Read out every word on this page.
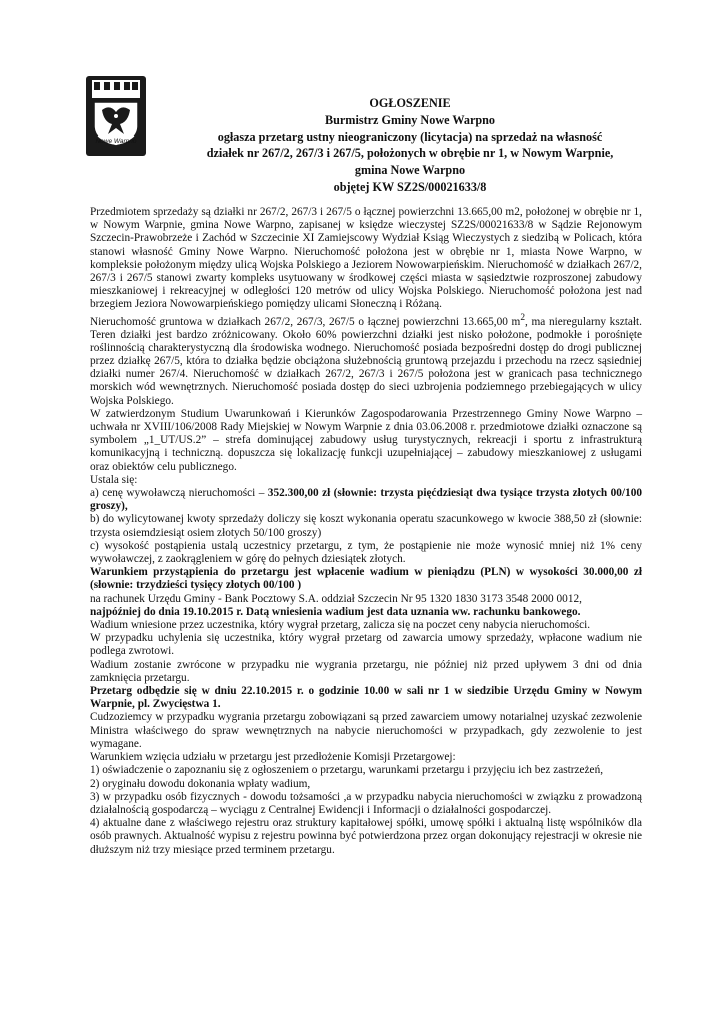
Nowe Warpno
OGŁOSZENIE
Burmistrz Gminy Nowe Warpno
ogłasza przetarg ustny nieograniczony (licytacja) na sprzedaż na własność
działek nr 267/2, 267/3 i 267/5, położonych w obrębie nr 1, w Nowym Warpnie,
gmina Nowe Warpno
objętej KW SZ2S/00021633/8

Przedmiotem sprzedaży są działki nr 267/2, 267/3 i 267/5 o łącznej powierzchni 13.665,00 m2, położonej w obrębie nr 1, w Nowym Warpnie, gmina Nowe Warpno, zapisanej w księdze wieczystej SZ2S/00021633/8 w Sądzie Rejonowym Szczecin-Prawobrzeże i Zachód w Szczecinie XI Zamiejscowy Wydział Ksiąg Wieczystych z siedzibą w Policach, która stanowi własność Gminy Nowe Warpno. Nieruchomość położona jest w obrębie nr 1, miasta Nowe Warpno, w kompleksie położonym między ulicą Wojska Polskiego a Jeziorem Nowowarpieńskim. Nieruchomość w działkach 267/2, 267/3 i 267/5 stanowi zwarty kompleks usytuowany w środkowej części miasta w sąsiedztwie rozproszonej zabudowy mieszkaniowej i rekreacyjnej w odległości 120 metrów od ulicy Wojska Polskiego. Nieruchomość położona jest nad brzegiem Jeziora Nowowarpieńskiego pomiędzy ulicami Słoneczną i Różaną.

Nieruchomość gruntowa w działkach 267/2, 267/3, 267/5 o łącznej powierzchni 13.665,00 $m^2$, ma nieregularny kształt. Teren działki jest bardzo zróżnicowany. Około 60% powierzchni działki jest nisko położone, podmokłe i porośnięte roślinnością charakterystyczną dla środowiska wodnego. Nieruchomość posiada bezpośredni dostęp do drogi publicznej przez działkę 267/5, która to działka będzie obciążona służebnością gruntową przejazdu i przechodu na rzecz sąsiedniej działki numer 267/4. Nieruchomość w działkach 267/2, 267/3 i 267/5 położona jest w granicach pasa technicznego morskich wód wewnętrznych. Nieruchomość posiada dostęp do sieci uzbrojenia podziemnego przebiegających w ulicy Wojska Polskiego.

W zatwierdzonym Studium Uwarunkowań i Kierunków Zagospodarowania Przestrzennego Gminy Nowe Warpno – uchwała nr XVIII/106/2008 Rady Miejskiej w Nowym Warpnie z dnia 03.06.2008 r. przedmiotowe działki oznaczone są symbolem „1_UT/US.2” – strefa dominującej zabudowy usług turystycznych, rekreacji i sportu z infrastrukturą komunikacyjną i techniczną. dopuszcza się lokalizację funkcji uzupełniającej – zabudowy mieszkaniowej z usługami oraz obiektów celu publicznego.

Ustala się:

a) cenę wywoławczą nieruchomości – 352.300,00 zł (słownie: trzysta pięćdziesiąt dwa tysiące trzysta złotych 00/100 groszy),

b) do wylicytowanej kwoty sprzedaży doliczy się koszt wykonania operatu szacunkowego w kwocie 388,50 zł (słownie: trzysta osiemdziesiąt osiem złotych 50/100 groszy)

c) wysokość postąpienia ustalą uczestnicy przetargu, z tym, że postąpienie nie może wynosić mniej niż 1% ceny wywoławczej, z zaokrągleniem w górę do pełnych dziesiątek złotych.

Warunkiem przystąpienia do przetargu jest wpłacenie wadium w pieniądzu (PLN) w wysokości 30.000,00 zł (słownie: trzydzieści tysięcy złotych 00/100 )

na rachunek Urzędu Gminy - Bank Pocztowy S.A. oddział Szczecin Nr 95 1320 1830 3173 3548 2000 0012,

najpóźniej do dnia 19.10.2015 r. Datą wniesienia wadium jest data uznania ww. rachunku bankowego.

Wadium wniesione przez uczestnika, który wygrał przetarg, zalicza się na poczet ceny nabycia nieruchomości.

W przypadku uchylenia się uczestnika, który wygrał przetarg od zawarcia umowy sprzedaży, wpłacone wadium nie podlega zwrotowi.

Wadium zostanie zwrócone w przypadku nie wygrania przetargu, nie później niż przed upływem 3 dni od dnia zamknięcia przetargu.

Przetarg odbędzie się w dniu 22.10.2015 r. o godzinie 10.00 w sali nr 1 w siedzibie Urzędu Gminy w Nowym Warpnie, pl. Zwycięstwa 1.

Cudzoziemcy w przypadku wygrania przetargu zobowiązani są przed zawarciem umowy notarialnej uzyskać zezwolenie Ministra właściwego do spraw wewnętrznych na nabycie nieruchomości w przypadkach, gdy zezwolenie to jest wymagane.

Warunkiem wzięcia udziału w przetargu jest przedłożenie Komisji Przetargowej:

1) oświadczenie o zapoznaniu się z ogłoszeniem o przetargu, warunkami przetargu i przyjęciu ich bez zastrzeżeń,

2) oryginału dowodu dokonania wpłaty wadium,

3) w przypadku osób fizycznych - dowodu tożsamości ,a w przypadku nabycia nieruchomości w związku z prowadzoną działalnością gospodarczą – wyciągu z Centralnej Ewidencji i Informacji o działalności gospodarczej.

4) aktualne dane z właściwego rejestru oraz struktury kapitałowej spółki, umowę spółki i aktualną listę wspólników dla osób prawnych. Aktualność wypisu z rejestru powinna być potwierdzona przez organ dokonujący rejestracji w okresie nie dłuższym niż trzy miesiące przed terminem przetargu.
